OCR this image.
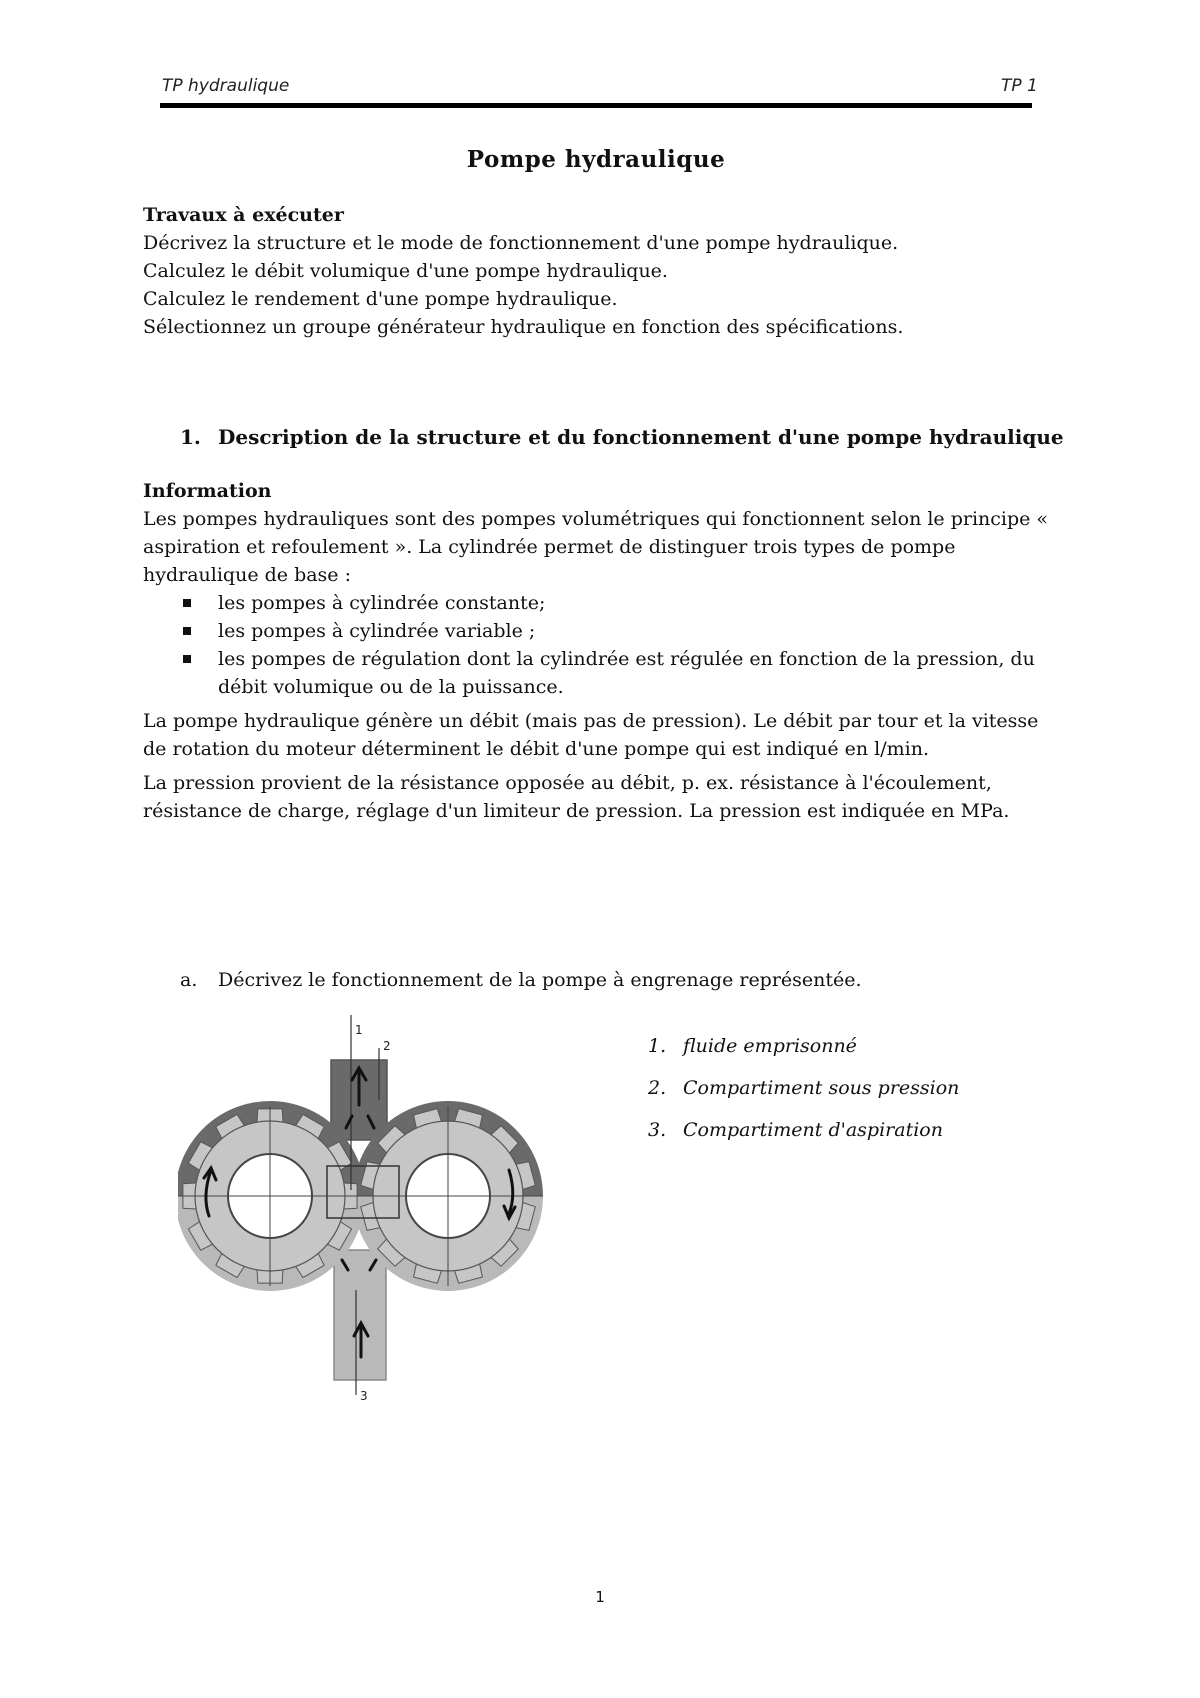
TP hydraulique	TP 1
Pompe hydraulique

Travaux à exécuter

Décrivez la structure et le mode de fonctionnement d'une pompe hydraulique.

Calculez le débit volumique d'une pompe hydraulique.

Calculez le rendement d'une pompe hydraulique.

Sélectionnez un groupe générateur hydraulique en fonction des spécifications.

1. Description de la structure et du fonctionnement d'une pompe hydraulique

Information

Les pompes hydrauliques sont des pompes volumétriques qui fonctionnent selon le principe « aspiration et refoulement ». La cylindrée permet de distinguer trois types de pompe hydraulique de base :

les pompes à cylindrée constante;
les pompes à cylindrée variable ;
les pompes de régulation dont la cylindrée est régulée en fonction de la pression, du débit volumique ou de la puissance.

La pompe hydraulique génère un débit (mais pas de pression). Le débit par tour et la vitesse de rotation du moteur déterminent le débit d'une pompe qui est indiqué en l/min.

La pression provient de la résistance opposée au débit, p. ex. résistance à l'écoulement, résistance de charge, réglage d'un limiteur de pression. La pression est indiquée en MPa.

a. Décrivez le fonctionnement de la pompe à engrenage représentée.
1
2
3
1. fluide emprisonné
2. Compartiment sous pression
3. Compartiment d'aspiration
1
